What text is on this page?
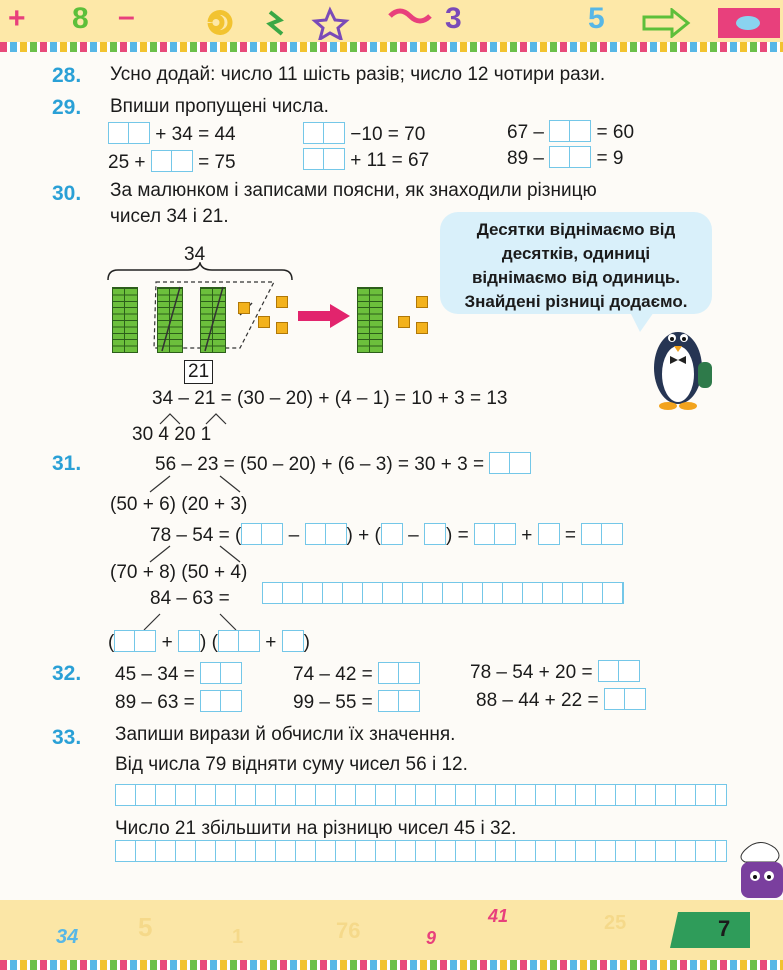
+ 8 –	3	5
28. Усно додай: число 11 шість разів; число 12 чотири рази.
29. Впиши пропущені числа.
+ 34 = 44	−10 = 70	67 –	= 60
25 +	= 75	+ 11 = 67	89 –	= 9
30. За малюнком і записами поясни, як знаходили різницю
чисел 34 і 21.
34
21
Десятки віднімаємо від
десятків, одиниці
віднімаємо від одиниць.
Знайдені різниці додаємо.
34 – 21 = (30 – 20) + (4 – 1) = 10 + 3 = 13
30 4 20 1
31.	56 – 23 = (50 – 20) + (6 – 3) = 30 + 3 =
(50 + 6) (20 + 3)
78 – 54 = ( – ) + ( – ) =	+ =
(70 + 8) (50 + 4)
84 – 63 =
( + ) ( + )
32. 45 – 34 =	74 – 42 =	78 – 54 + 20 =
89 – 63 =	99 – 55 =	88 – 44 + 22 =
33. Запиши вирази й обчисли їх значення.
Від числа 79 відняти суму чисел 56 і 12.
Число 21 збільшити на різницю чисел 45 і 32.
34 5	1	76	9
41	25	7
